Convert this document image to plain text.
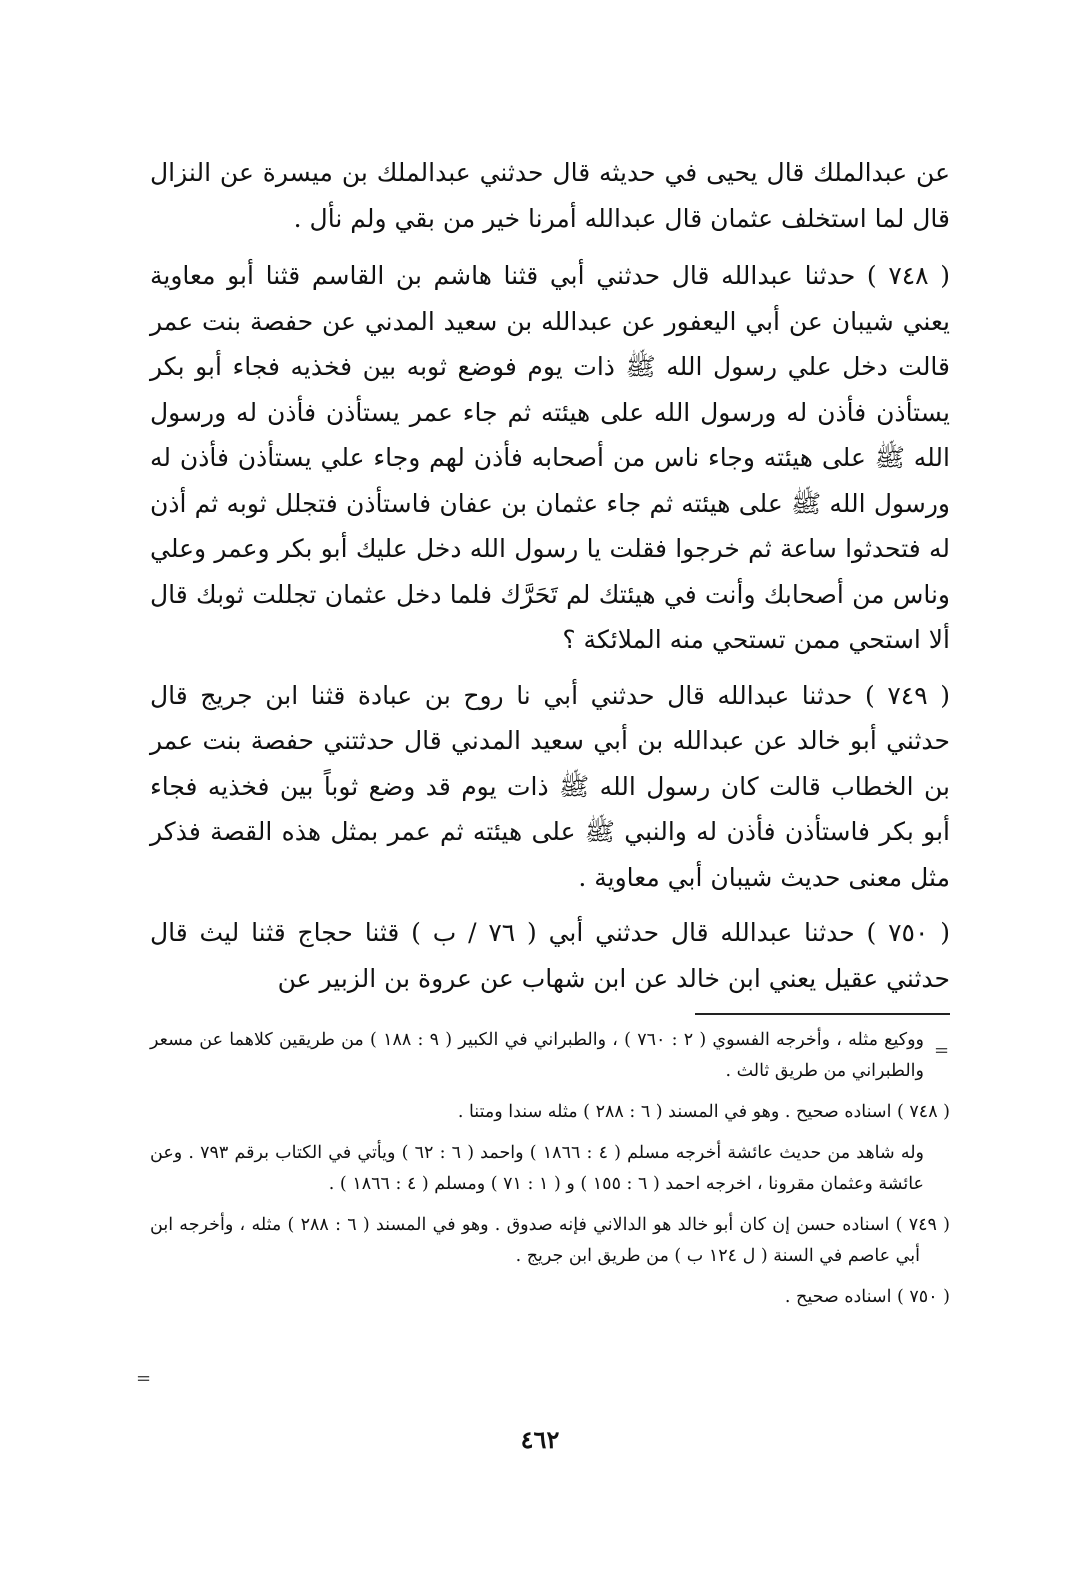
عن عبدالملك قال يحيى في حديثه قال حدثني عبدالملك بن ميسرة عن النزال قال لما استخلف عثمان قال عبدالله أمرنا خير من بقي ولم نأل .

( ٧٤٨ ) حدثنا عبدالله قال حدثني أبي قثنا هاشم بن القاسم قثنا أبو معاوية يعني شيبان عن أبي اليعفور عن عبدالله بن سعيد المدني عن حفصة بنت عمر قالت دخل علي رسول الله ﷺ ذات يوم فوضع ثوبه بين فخذيه فجاء أبو بكر يستأذن فأذن له ورسول الله على هيئته ثم جاء عمر يستأذن فأذن له ورسول الله ﷺ على هيئته وجاء ناس من أصحابه فأذن لهم وجاء علي يستأذن فأذن له ورسول الله ﷺ على هيئته ثم جاء عثمان بن عفان فاستأذن فتجلل ثوبه ثم أذن له فتحدثوا ساعة ثم خرجوا فقلت يا رسول الله دخل عليك أبو بكر وعمر وعلي وناس من أصحابك وأنت في هيئتك لم تَحَرَّك فلما دخل عثمان تجللت ثوبك قال ألا استحي ممن تستحي منه الملائكة ؟

( ٧٤٩ ) حدثنا عبدالله قال حدثني أبي نا روح بن عبادة قثنا ابن جريج قال حدثني أبو خالد عن عبدالله بن أبي سعيد المدني قال حدثتني حفصة بنت عمر بن الخطاب قالت كان رسول الله ﷺ ذات يوم قد وضع ثوباً بين فخذيه فجاء أبو بكر فاستأذن فأذن له والنبي ﷺ على هيئته ثم عمر بمثل هذه القصة فذكر مثل معنى حديث شيبان أبي معاوية .

( ٧٥٠ ) حدثنا عبدالله قال حدثني أبي ( ٧٦ / ب ) قثنا حجاج قثنا ليث قال حدثني عقيل يعني ابن خالد عن ابن شهاب عن عروة بن الزبير عن

ووكيع مثله ، وأخرجه الفسوي ( ٢ : ٧٦٠ ) ، والطبراني في الكبير ( ٩ : ١٨٨ ) من طريقين كلاهما عن مسعر والطبراني من طريق ثالث .

( ٧٤٨ ) اسناده صحيح . وهو في المسند ( ٦ : ٢٨٨ ) مثله سندا ومتنا .

وله شاهد من حديث عائشة أخرجه مسلم ( ٤ : ١٨٦٦ ) واحمد ( ٦ : ٦٢ ) ويأتي في الكتاب برقم ٧٩٣ . وعن عائشة وعثمان مقرونا ، اخرجه احمد ( ٦ : ١٥٥ ) و ( ١ : ٧١ ) ومسلم ( ٤ : ١٨٦٦ ) .

( ٧٤٩ ) اسناده حسن إن كان أبو خالد هو الدالاني فإنه صدوق . وهو في المسند ( ٦ : ٢٨٨ ) مثله ، وأخرجه ابن أبي عاصم في السنة ( ل ١٢٤ ب ) من طريق ابن جريج .

( ٧٥٠ ) اسناده صحيح .

=
=
٤٦٢
